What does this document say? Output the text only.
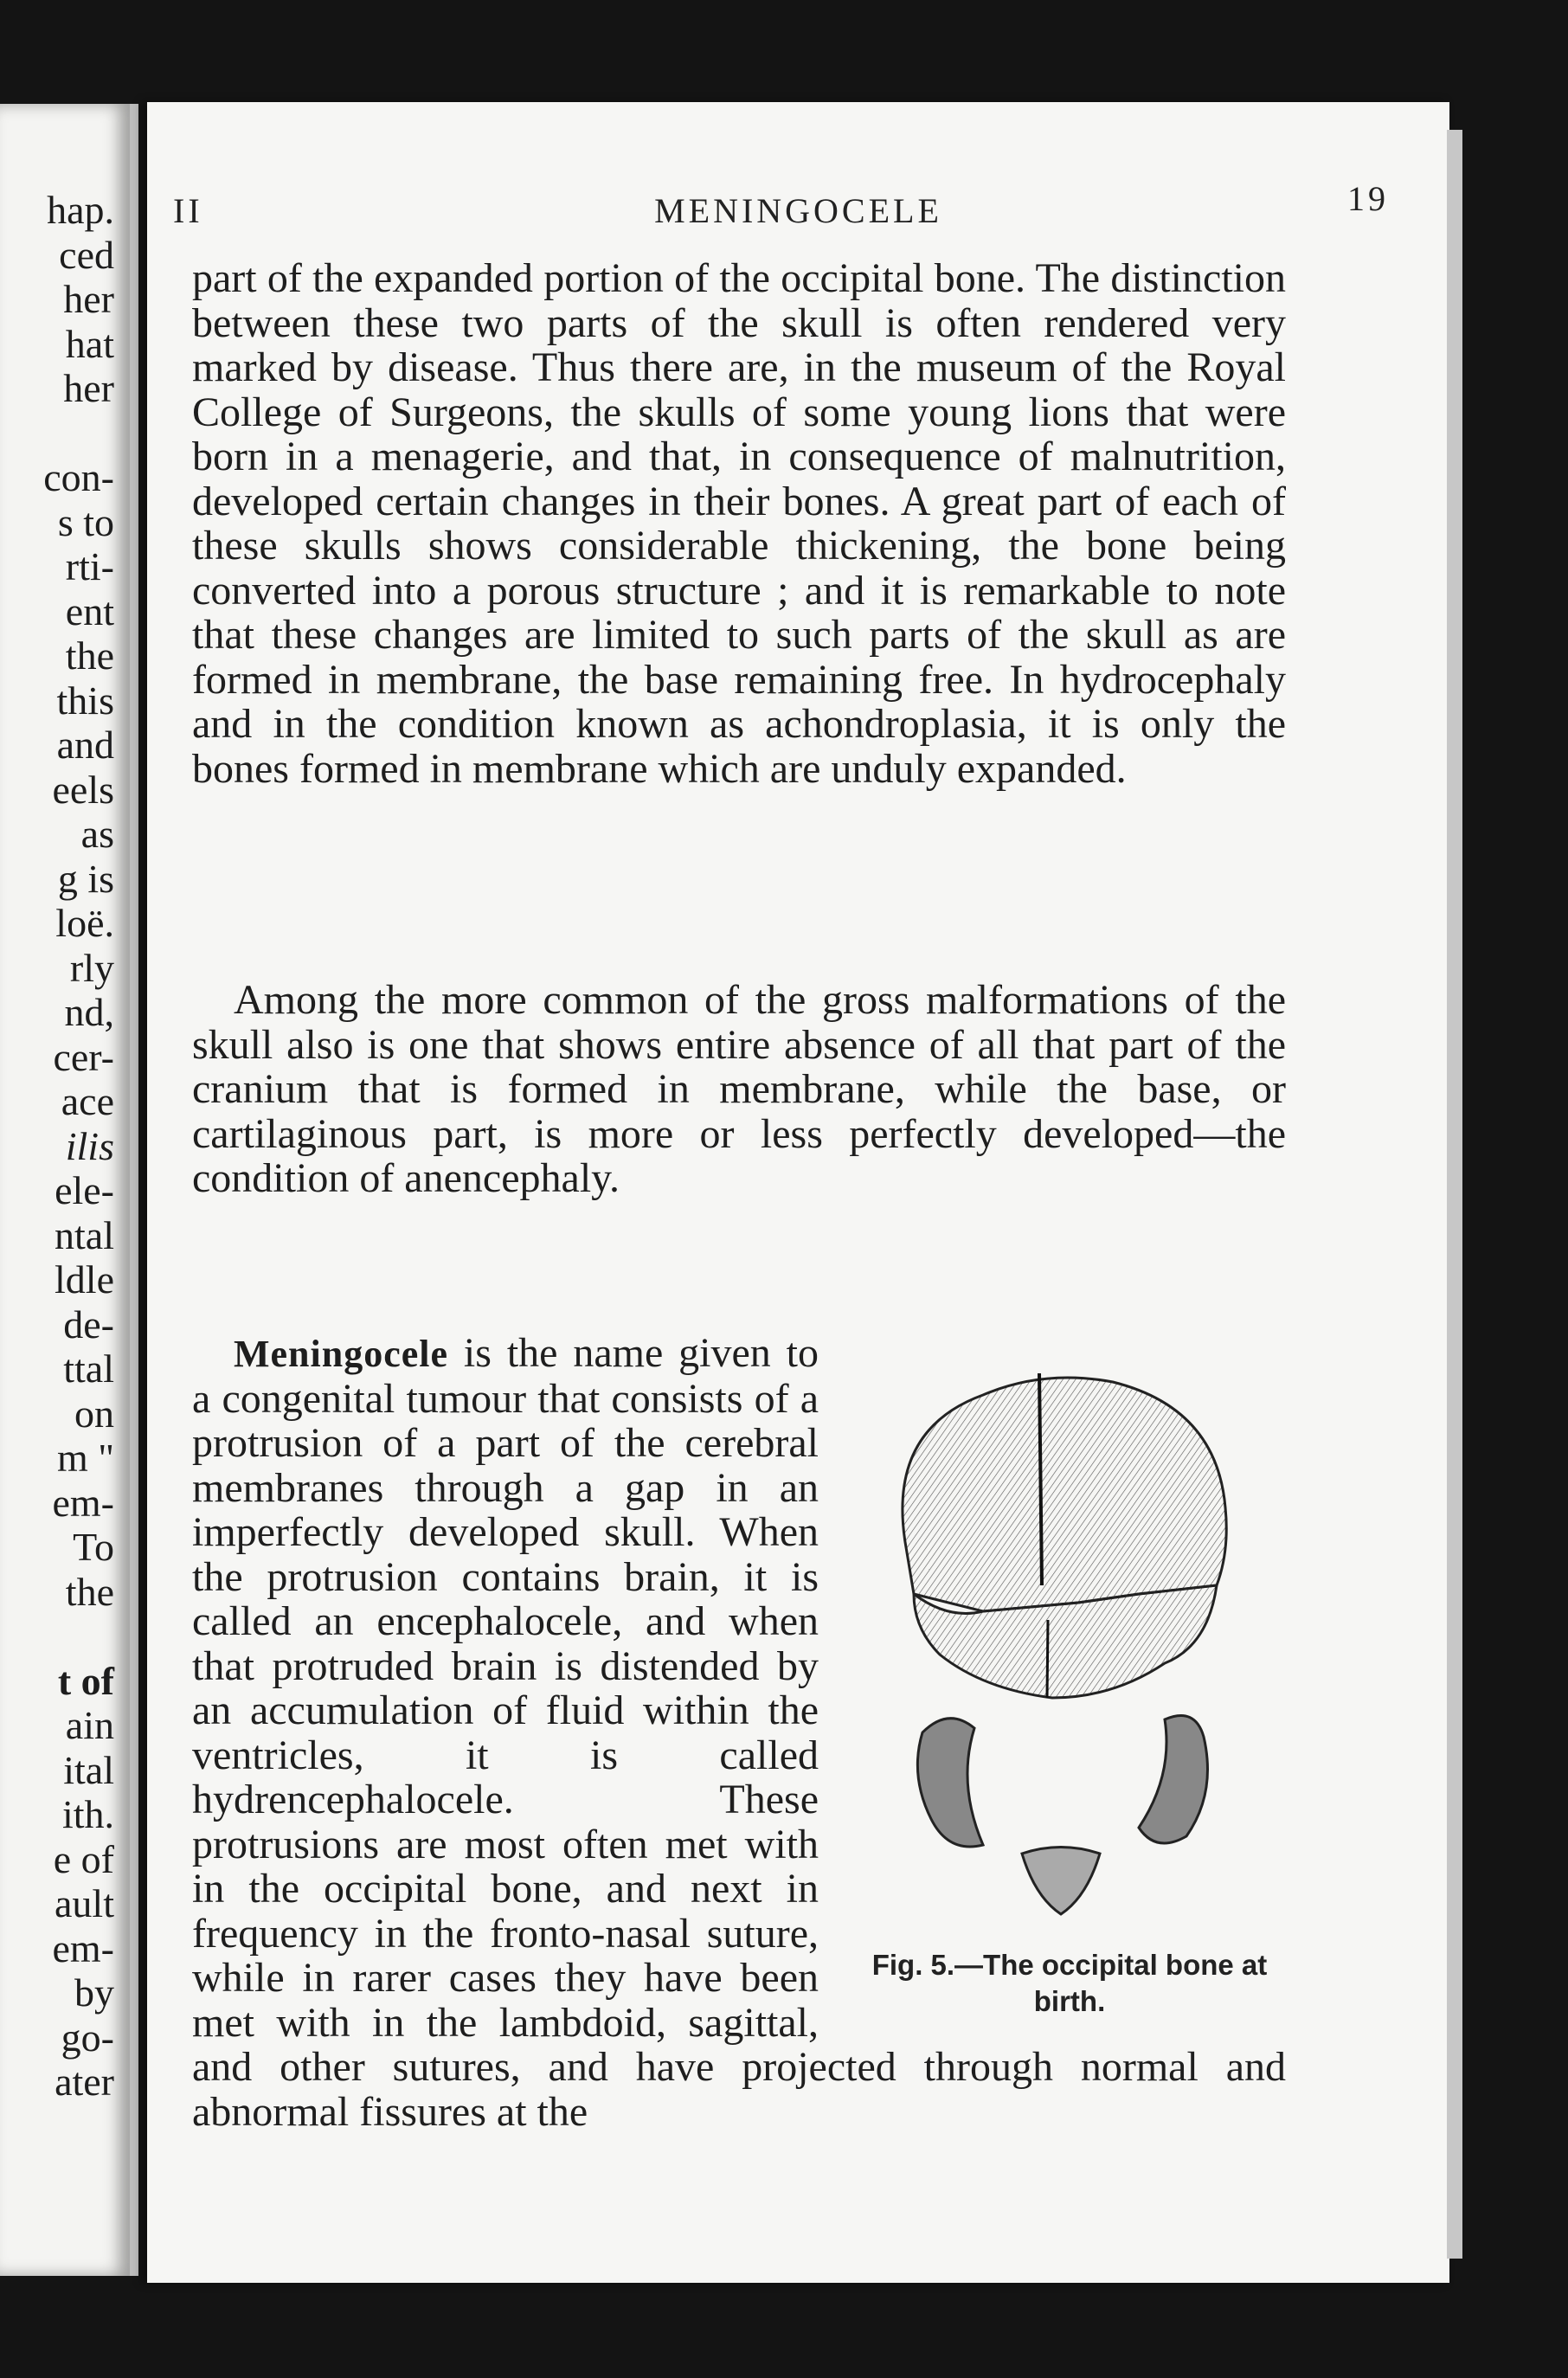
hap.
ced
her
hat
her
con-
s to
rti-
ent
the
this
and
eels
as
g is
loë.
rly
nd,
cer-
ace
ilis
ele-
ntal
ldle
de-
ttal
on
m "
em-
To
the
t of
ain
ital
ith.
e of
ault
em-
by
go-
ater
II	MENINGOCELE	19

part of the expanded portion of the occipital bone. The distinction between these two parts of the skull is often rendered very marked by disease. Thus there are, in the museum of the Royal College of Surgeons, the skulls of some young lions that were born in a menagerie, and that, in consequence of malnutrition, developed certain changes in their bones. A great part of each of these skulls shows considerable thickening, the bone being converted into a porous structure ; and it is remarkable to note that these changes are limited to such parts of the skull as are formed in membrane, the base remaining free. In hydrocephaly and in the condition known as achondroplasia, it is only the bones formed in membrane which are unduly expanded.

Among the more common of the gross malformations of the skull also is one that shows entire absence of all that part of the cranium that is formed in membrane, while the base, or cartilaginous part, is more or less perfectly developed—the condition of anencephaly.

Fig. 5.—The occipital bone at birth.

Meningocele is the name given to a congenital tumour that consists of a protrusion of a part of the cerebral membranes through a gap in an imperfectly developed skull. When the protrusion contains brain, it is called an encephalocele, and when that protruded brain is distended by an accumulation of fluid within the ventricles, it is called hydrencephalocele. These protrusions are most often met with in the occipital bone, and next in frequency in the fronto-nasal suture, while in rarer cases they have been met with in the lambdoid, sagittal, and other sutures, and have projected through normal and abnormal fissures at the
